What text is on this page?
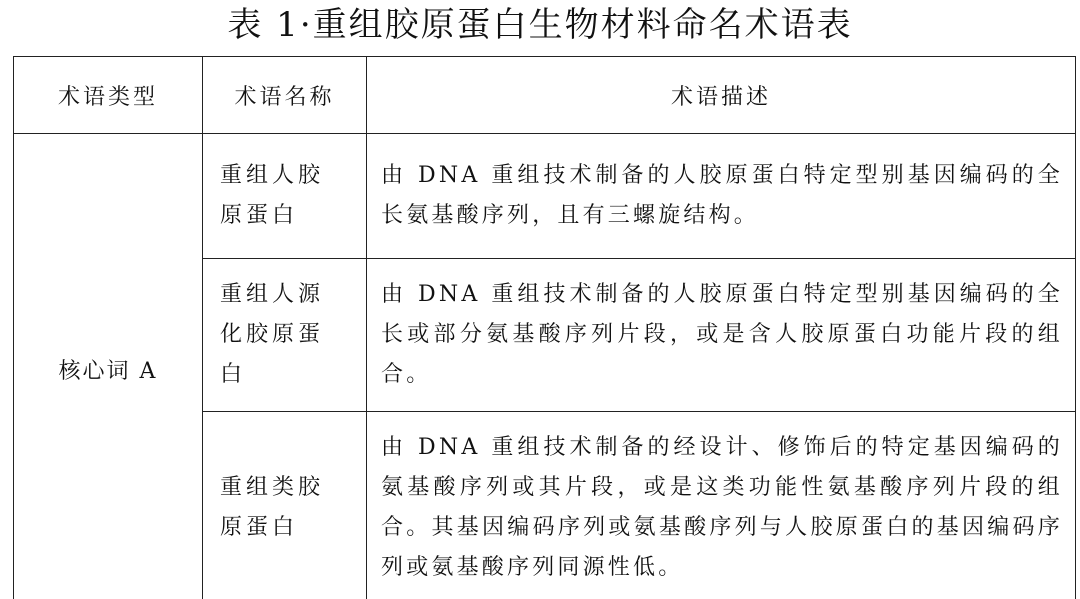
表 1·重组胶原蛋白生物材料命名术语表
术语类型	术语名称	术语描述
核心词 A	重组人胶原蛋白	由 DNA 重组技术制备的人胶原蛋白特定型别基因编码的全长氨基酸序列，且有三螺旋结构。
	重组人源化胶原蛋白	由 DNA 重组技术制备的人胶原蛋白特定型别基因编码的全长或部分氨基酸序列片段，或是含人胶原蛋白功能片段的组合。
	重组类胶原蛋白	由 DNA 重组技术制备的经设计、修饰后的特定基因编码的氨基酸序列或其片段，或是这类功能性氨基酸序列片段的组合。其基因编码序列或氨基酸序列与人胶原蛋白的基因编码序列或氨基酸序列同源性低。
